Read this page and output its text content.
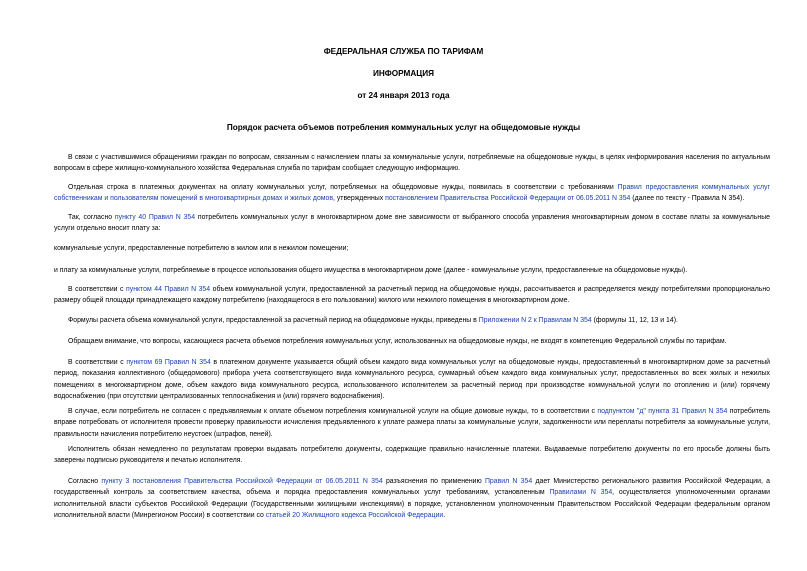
ФЕДЕРАЛЬНАЯ СЛУЖБА ПО ТАРИФАМ
ИНФОРМАЦИЯ
от 24 января 2013 года
Порядок расчета объемов потребления коммунальных услуг на общедомовые нужды

В связи с участившимися обращениями граждан по вопросам, связанным с начислением платы за коммунальные услуги, потребляемые на общедомовые нужды, в целях информирования населения по актуальным вопросам в сфере жилищно-коммунального хозяйства Федеральная служба по тарифам сообщает следующую информацию.

Отдельная строка в платежных документах на оплату коммунальных услуг, потребляемых на общедомовые нужды, появилась в соответствии с требованиями Правил предоставления коммунальных услуг собственникам и пользователям помещений в многоквартирных домах и жилых домов, утвержденных постановлением Правительства Российской Федерации от 06.05.2011 N 354 (далее по тексту - Правила N 354).

Так, согласно пункту 40 Правил N 354 потребитель коммунальных услуг в многоквартирном доме вне зависимости от выбранного способа управления многоквартирным домом в составе платы за коммунальные услуги отдельно вносит плату за:

коммунальные услуги, предоставленные потребителю в жилом или в нежилом помещении;

и плату за коммунальные услуги, потребляемые в процессе использования общего имущества в многоквартирном доме (далее - коммунальные услуги, предоставленные на общедомовые нужды).

В соответствии с пунктом 44 Правил N 354 объем коммунальной услуги, предоставленной за расчетный период на общедомовые нужды, рассчитывается и распределяется между потребителями пропорционально размеру общей площади принадлежащего каждому потребителю (находящегося в его пользовании) жилого или нежилого помещения в многоквартирном доме.

Формулы расчета объема коммунальной услуги, предоставленной за расчетный период на общедомовые нужды, приведены в Приложении N 2 к Правилам N 354 (формулы 11, 12, 13 и 14).

Обращаем внимание, что вопросы, касающиеся расчета объемов потребления коммунальных услуг, использованных на общедомовые нужды, не входят в компетенцию Федеральной службы по тарифам.

В соответствии с пунктом 69 Правил N 354 в платежном документе указывается общий объем каждого вида коммунальных услуг на общедомовые нужды, предоставленный в многоквартирном доме за расчетный период, показания коллективного (общедомового) прибора учета соответствующего вида коммунального ресурса, суммарный объем каждого вида коммунальных услуг, предоставленных во всех жилых и нежилых помещениях в многоквартирном доме, объем каждого вида коммунального ресурса, использованного исполнителем за расчетный период при производстве коммунальной услуги по отоплению и (или) горячему водоснабжению (при отсутствии централизованных теплоснабжения и (или) горячего водоснабжения).

В случае, если потребитель не согласен с предъявляемым к оплате объемом потребления коммунальной услуги на общие домовые нужды, то в соответствии с подпунктом "д" пункта 31 Правил N 354 потребитель вправе потребовать от исполнителя провести проверку правильности исчисления предъявленного к уплате размера платы за коммунальные услуги, задолженности или переплаты потребителя за коммунальные услуги, правильности начисления потребителю неустоек (штрафов, пеней).

Исполнитель обязан немедленно по результатам проверки выдавать потребителю документы, содержащие правильно начисленные платежи. Выдаваемые потребителю документы по его просьбе должны быть заверены подписью руководителя и печатью исполнителя.

Согласно пункту 3 постановления Правительства Российской Федерации от 06.05.2011 N 354 разъяснения по применению Правил N 354 дает Министерство регионального развития Российской Федерации, а государственный контроль за соответствием качества, объема и порядка предоставления коммунальных услуг требованиям, установленным Правилами N 354, осуществляется уполномоченными органами исполнительной власти субъектов Российской Федерации (Государственными жилищными инспекциями) в порядке, установленном уполномоченным Правительством Российской Федерации федеральным органом исполнительной власти (Минрегионом России) в соответствии со статьей 20 Жилищного кодекса Российской Федерации.
